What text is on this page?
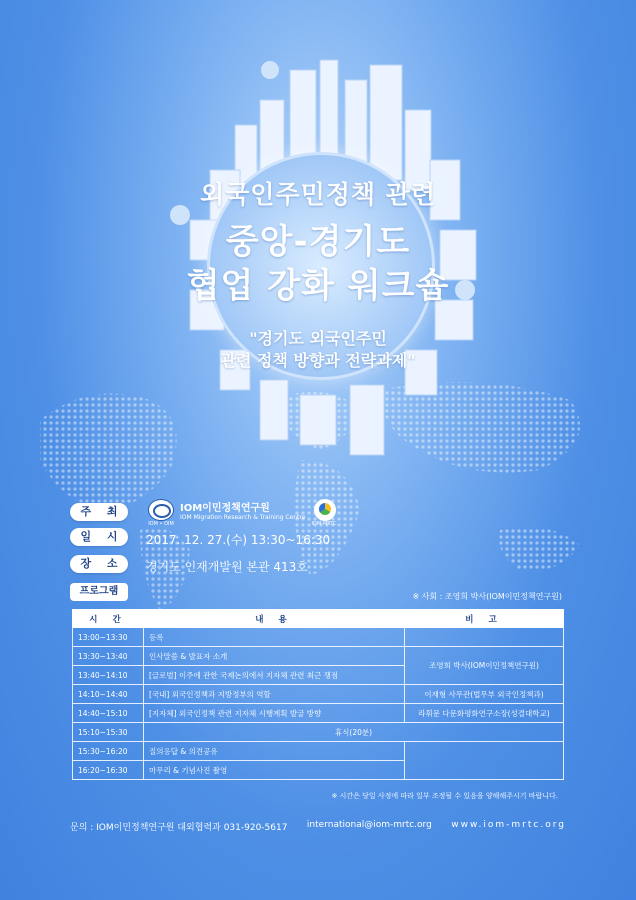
외국인주민정책 관련
중앙-경기도
협업 강화 워크숍
"경기도 외국인주민
관련 정책 방향과 전략과제"
주 최
IOM • OIM
IOM이민정책연구원
IOM Migration Research & Training Centre
IOM-MRTC
일 시	2017. 12. 27.(수) 13:30~16:30
장 소	경기도 인재개발원 본관 413호
프로그램	※ 사회 : 조영희 박사(IOM이민정책연구원)
시 간	내 용	비 고
13:00~13:30	등록	
13:30~13:40	인사말씀 & 발표자 소개	조영희 박사(IOM이민정책연구원)
13:40~14:10	[글로벌] 이주에 관한 국제논의에서 지자체 관련 최근 쟁점	
14:10~14:40	[국내] 외국인정책과 지방정부의 역할	이재형 사무관(법무부 외국인정책과)
14:40~15:10	[지자체] 외국인정책 관련 지자체 시행계획 발굴 방향	라휘문 다문화평화연구소장(성결대학교)
15:10~15:30	휴식(20분)	
15:30~16:20	질의응답 & 의견공유	
16:20~16:30	마무리 & 기념사진 촬영	
※ 시간은 당일 사정에 따라 일부 조정될 수 있음을 양해해주시기 바랍니다.
문의 : IOM이민정책연구원 대외협력과 031-920-5617 international@iom-mrtc.org www.iom-mrtc.org
